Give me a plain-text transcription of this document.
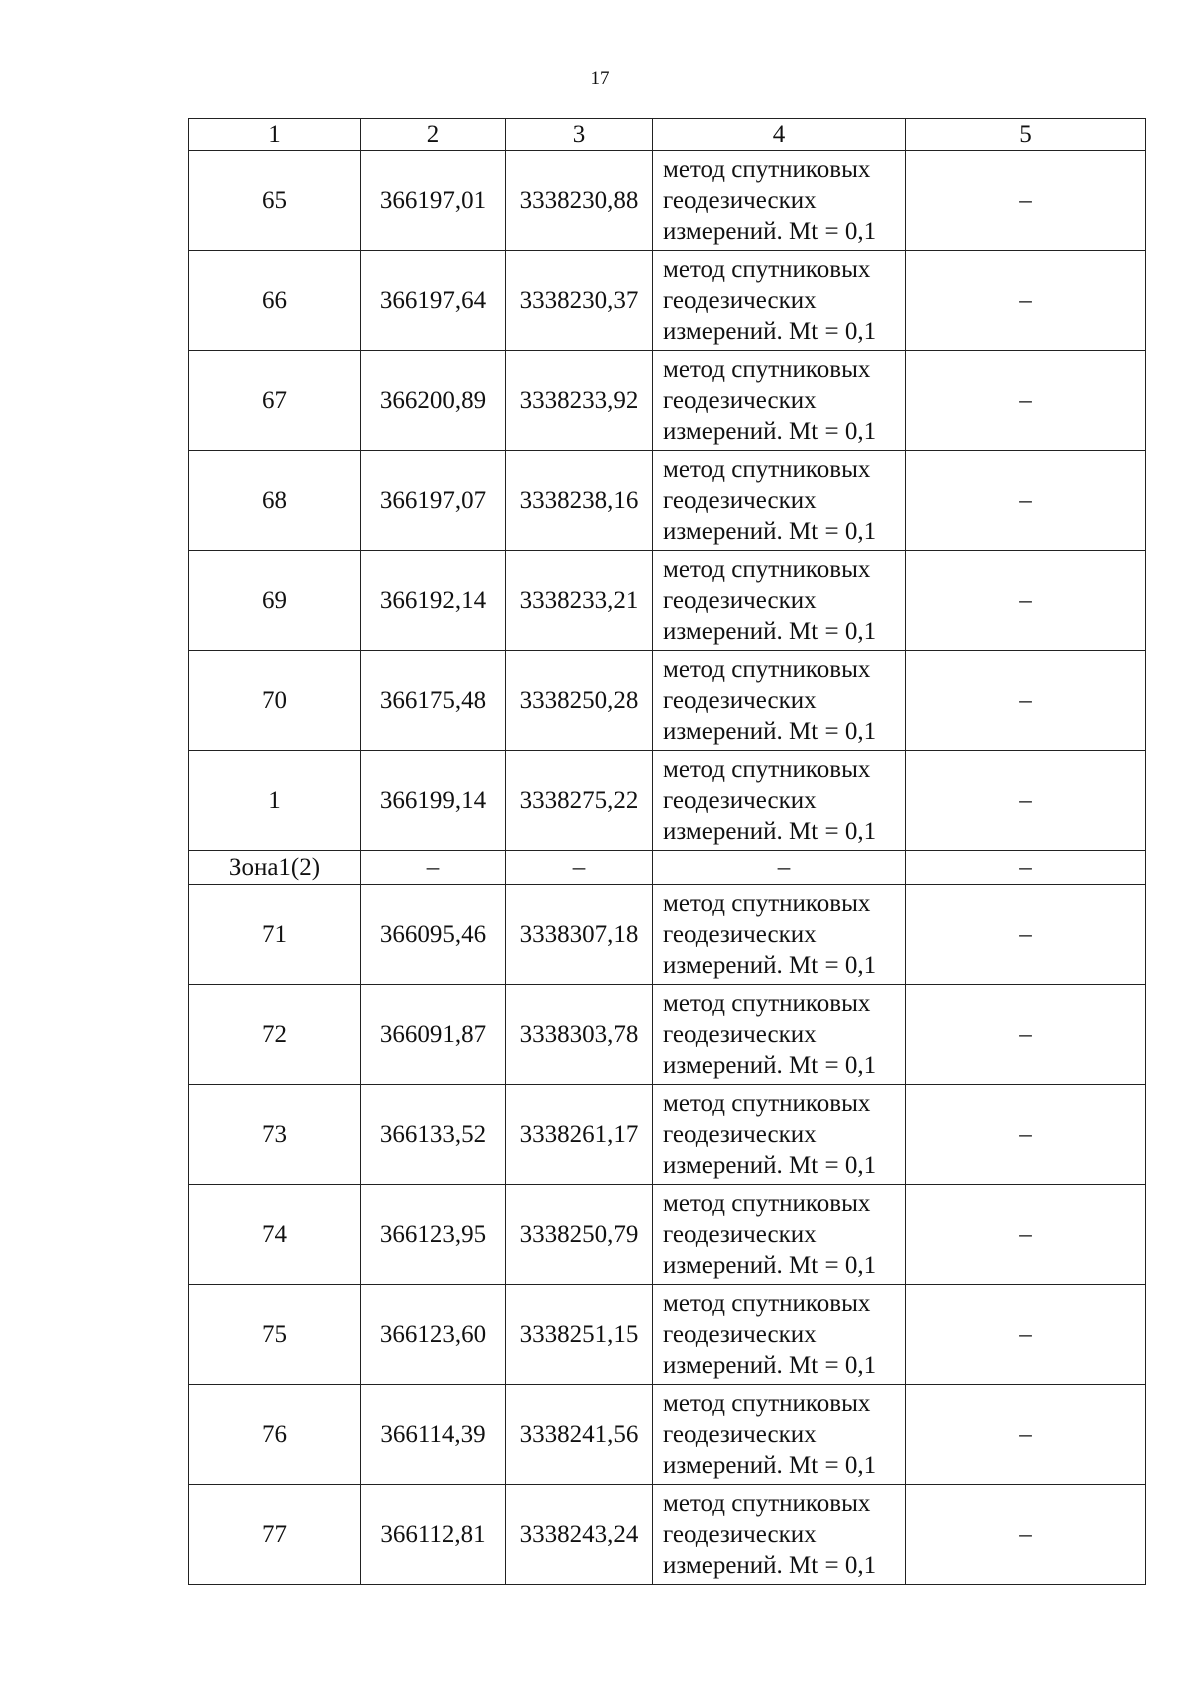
17
1	2	3	4	5
65	366197,01	3338230,88	метод спутниковых
геодезических
измерений. Mt = 0,1	–
66	366197,64	3338230,37	метод спутниковых
геодезических
измерений. Mt = 0,1	–
67	366200,89	3338233,92	метод спутниковых
геодезических
измерений. Mt = 0,1	–
68	366197,07	3338238,16	метод спутниковых
геодезических
измерений. Mt = 0,1	–
69	366192,14	3338233,21	метод спутниковых
геодезических
измерений. Mt = 0,1	–
70	366175,48	3338250,28	метод спутниковых
геодезических
измерений. Mt = 0,1	–
1	366199,14	3338275,22	метод спутниковых
геодезических
измерений. Mt = 0,1	–
Зона1(2)	–	–	–	–
71	366095,46	3338307,18	метод спутниковых
геодезических
измерений. Mt = 0,1	–
72	366091,87	3338303,78	метод спутниковых
геодезических
измерений. Mt = 0,1	–
73	366133,52	3338261,17	метод спутниковых
геодезических
измерений. Mt = 0,1	–
74	366123,95	3338250,79	метод спутниковых
геодезических
измерений. Mt = 0,1	–
75	366123,60	3338251,15	метод спутниковых
геодезических
измерений. Mt = 0,1	–
76	366114,39	3338241,56	метод спутниковых
геодезических
измерений. Mt = 0,1	–
77	366112,81	3338243,24	метод спутниковых
геодезических
измерений. Mt = 0,1	–
